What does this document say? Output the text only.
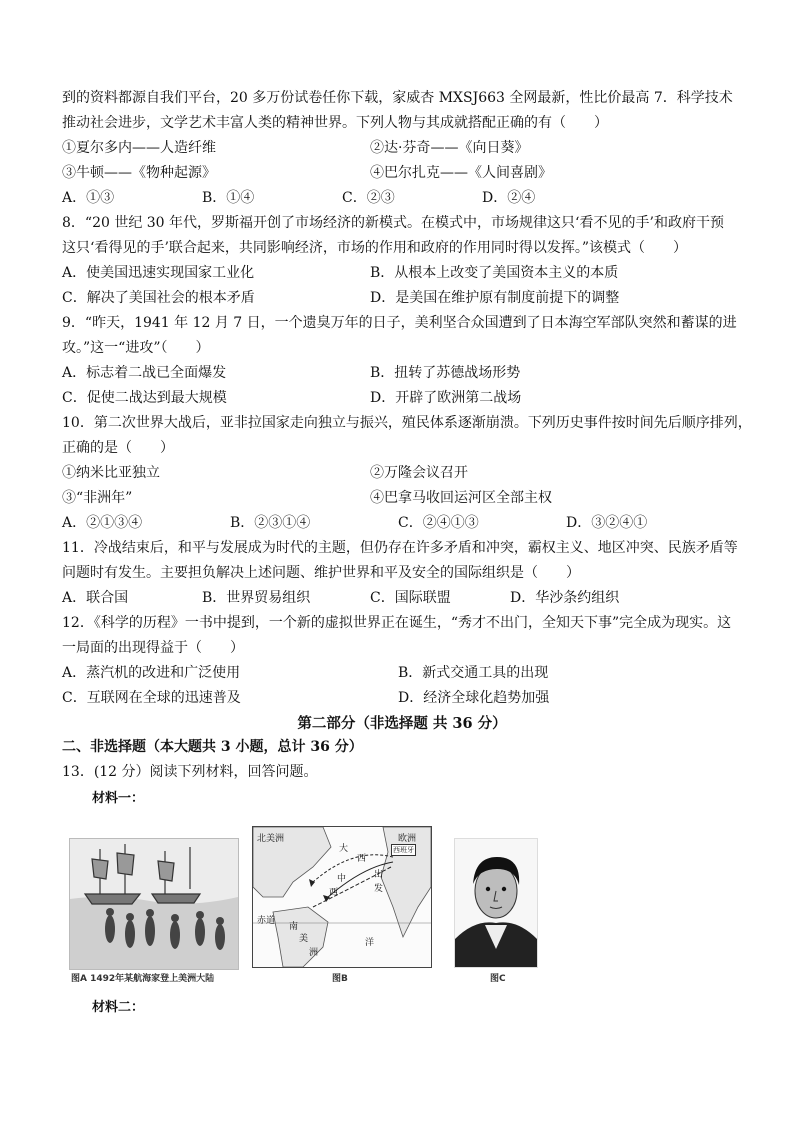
到的资料都源自我们平台，20 多万份试卷任你下载，家威杏 MXSJ663 全网最新，性比价最高 7．科学技术
推动社会进步，文学艺术丰富人类的精神世界。下列人物与其成就搭配正确的有（　　）
①夏尔多内——人造纤维	②达·芬奇——《向日葵》
③牛顿——《物种起源》	④巴尔扎克——《人间喜剧》
A．①③	B．①④	C．②③	D．②④
8．“20 世纪 30 年代，罗斯福开创了市场经济的新模式。在模式中，市场规律这只‘看不见的手’和政府干预
这只‘看得见的手’联合起来，共同影响经济，市场的作用和政府的作用同时得以发挥。”该模式（　　）
A．使美国迅速实现国家工业化	B．从根本上改变了美国资本主义的本质
C．解决了美国社会的根本矛盾	D．是美国在维护原有制度前提下的调整
9．“昨天，1941 年 12 月 7 日，一个遗臭万年的日子，美利坚合众国遭到了日本海空军部队突然和蓄谋的进
攻。”这一“进攻”（　　）
A．标志着二战已全面爆发	B．扭转了苏德战场形势
C．促使二战达到最大规模	D．开辟了欧洲第二战场
10．第二次世界大战后，亚非拉国家走向独立与振兴，殖民体系逐渐崩溃。下列历史事件按时间先后顺序排列，
正确的是（　　）
①纳米比亚独立	②万隆会议召开
③“非洲年”	④巴拿马收回运河区全部主权
A．②①③④	B．②③①④	C．②④①③	D．③②④①
11．冷战结束后，和平与发展成为时代的主题，但仍存在许多矛盾和冲突，霸权主义、地区冲突、民族矛盾等
问题时有发生。主要担负解决上述问题、维护世界和平及安全的国际组织是（　　）
A．联合国	B．世界贸易组织	C．国际联盟	D．华沙条约组织
12．《科学的历程》一书中提到，一个新的虚拟世界正在诞生，“秀才不出门，全知天下事”完全成为现实。这
一局面的出现得益于（　　）
A．蒸汽机的改进和广泛使用	B．新式交通工具的出现
C．互联网在全球的迅速普及	D．经济全球化趋势加强
第二部分（非选择题 共 36 分）
二、非选择题（本大题共 3 小题，总计 36 分）
13．(12 分）阅读下列材料，回答问题。
材料一：
图A 1492年某航海家登上美洲大陆
北美洲
大
西
欧洲
西班牙
出
中
发
西
洋
赤道
南
美
洲
图B	图C
材料二：
